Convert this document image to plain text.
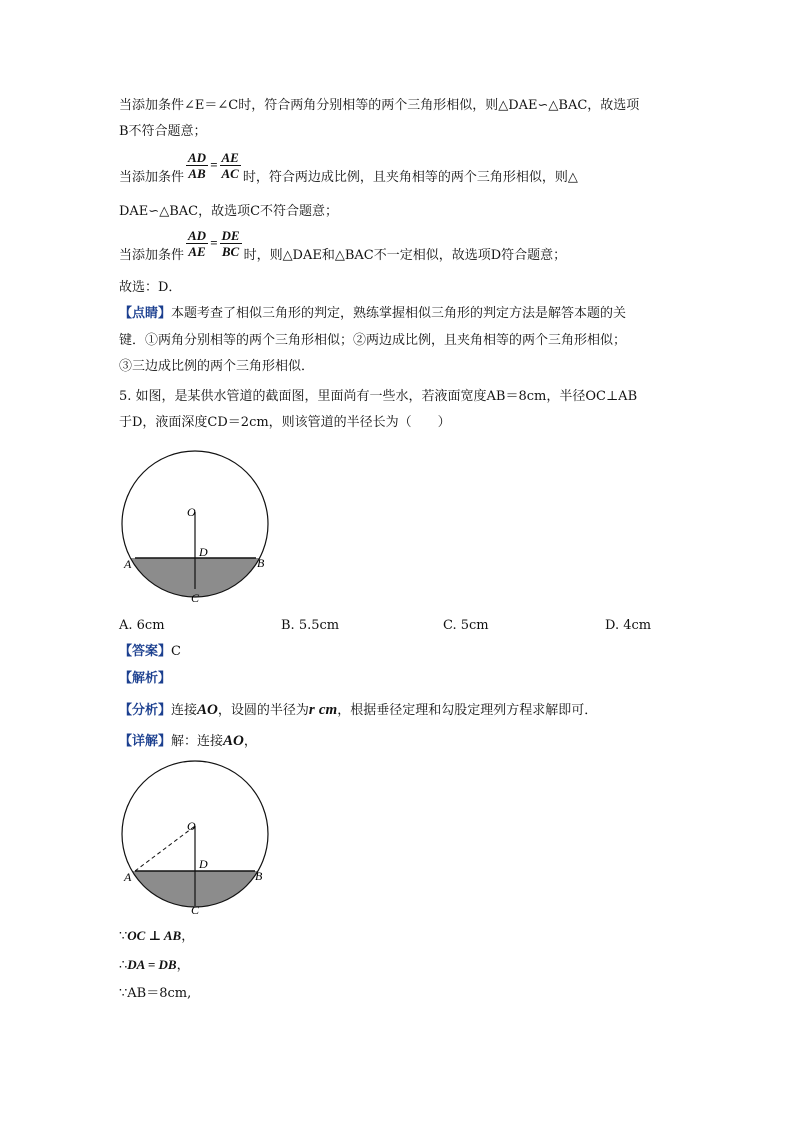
当添加条件∠E＝∠C时，符合两角分别相等的两个三角形相似，则△DAE∽△BAC，故选项
B不符合题意；
当添加条件 $\frac{AD}{AB} = \frac{AE}{AC}$ 时，符合两边成比例，且夹角相等的两个三角形相似，则△
DAE∽△BAC，故选项C不符合题意；
当添加条件 $\frac{AD}{AE} = \frac{DE}{BC}$ 时，则△DAE和△BAC不一定相似，故选项D符合题意；
故选：D．
【点睛】本题考查了相似三角形的判定，熟练掌握相似三角形的判定方法是解答本题的关
键．①两角分别相等的两个三角形相似；②两边成比例，且夹角相等的两个三角形相似；
③三边成比例的两个三角形相似．
5. 如图，是某供水管道的截面图，里面尚有一些水，若液面宽度AB＝8cm，半径OC⊥AB
于D，液面深度CD＝2cm，则该管道的半径长为（　　）
O
D
A	B
C
A. 6cm	B. 5.5cm	C. 5cm	D. 4cm
【答案】C
【解析】
【分析】连接AO，设圆的半径为r cm，根据垂径定理和勾股定理列方程求解即可．
【详解】解：连接AO，
O
D
A	B
C
∵OC ⊥ AB，
∴DA = DB，
∵AB＝8cm,
